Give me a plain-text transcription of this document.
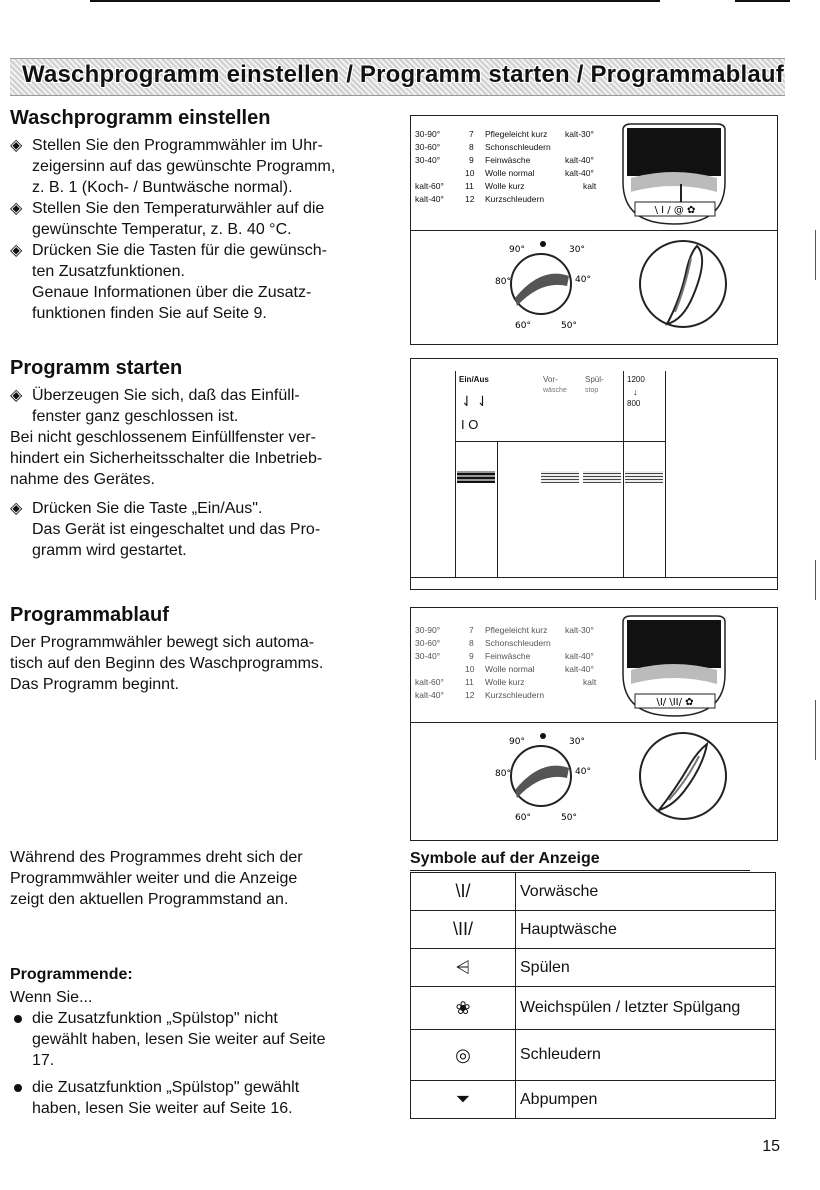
Waschprogramm einstellen / Programm starten / Programmablauf
Waschprogramm einstellen
◈ Stellen Sie den Programmwähler im Uhr-

zeigersinn auf das gewünschte Programm,

z. B. 1 (Koch- / Buntwäsche normal).

◈ Stellen Sie den Temperaturwähler auf die

gewünschte Temperatur, z. B. 40 °C.

◈ Drücken Sie die Tasten für die gewünsch-

ten Zusatzfunktionen.

Genaue Informationen über die Zusatz-

funktionen finden Sie auf Seite 9.

Programm starten
◈ Überzeugen Sie sich, daß das Einfüll-

fenster ganz geschlossen ist.

Bei nicht geschlossenem Einfüllfenster ver-

hindert ein Sicherheitsschalter die Inbetrieb-

nahme des Gerätes.

◈ Drücken Sie die Taste „Ein/Aus".

Das Gerät ist eingeschaltet und das Pro-

gramm wird gestartet.

Programmablauf

Der Programmwähler bewegt sich automa-

tisch auf den Beginn des Waschprogramms.

Das Programm beginnt.

Während des Programmes dreht sich der

Programmwähler weiter und die Anzeige

zeigt den aktuellen Programmstand an.

Programmende:

Wenn Sie...

die Zusatzfunktion „Spülstop" nicht

gewählt haben, lesen Sie weiter auf Seite

17.

die Zusatzfunktion „Spülstop" gewählt

haben, lesen Sie weiter auf Seite 16.

30-90°	7 Pflegeleicht kurz kalt-30°
30-60°	8 Schonschleudern
30-40°	9 Feinwäsche	kalt-40°
10 Wolle normal	kalt-40°
kalt-60° 11 Wolle kurz	kalt
kalt-40° 12 Kurzschleudern
\ I / @ ✿
90°	30°
80°	40°
60°	50°
Ein/Aus
⇃ ⇃
I O
Vor-
wäsche
Spül-
stop
1200
↓
800
30-90°	7 Pflegeleicht kurz kalt-30°
30-60°	8 Schonschleudern
30-40°	9 Feinwäsche	kalt-40°
10 Wolle normal	kalt-40°
kalt-60° 11 Wolle kurz	kalt
kalt-40° 12 Kurzschleudern
\I/ \II/ ✿
90°	30°
80°	40°
60°	50°
Symbole auf der Anzeige
\I/	Vorwäsche
\II/	Hauptwäsche
⩤	Spülen
❀	Weichspülen / letzter Spülgang
◎	Schleudern
⏷	Abpumpen
15
